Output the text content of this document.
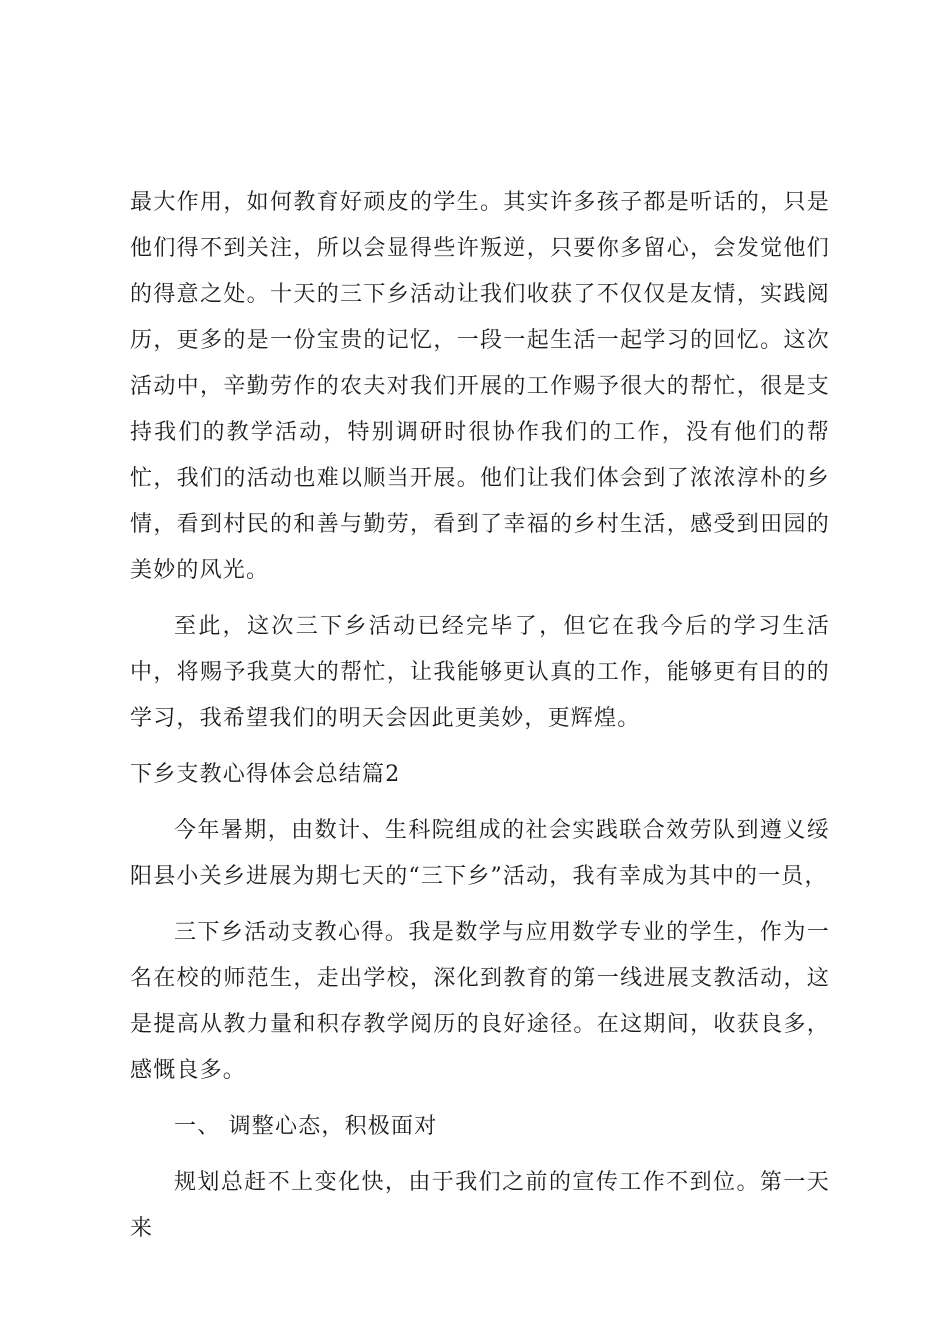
最大作用，如何教育好顽皮的学生。其实许多孩子都是听话的，只是他们得不到关注，所以会显得些许叛逆，只要你多留心，会发觉他们的得意之处。十天的三下乡活动让我们收获了不仅仅是友情，实践阅历，更多的是一份宝贵的记忆，一段一起生活一起学习的回忆。这次活动中，辛勤劳作的农夫对我们开展的工作赐予很大的帮忙，很是支持我们的教学活动，特别调研时很协作我们的工作，没有他们的帮忙，我们的活动也难以顺当开展。他们让我们体会到了浓浓淳朴的乡情，看到村民的和善与勤劳，看到了幸福的乡村生活，感受到田园的美妙的风光。

至此，这次三下乡活动已经完毕了，但它在我今后的学习生活中，将赐予我莫大的帮忙，让我能够更认真的工作，能够更有目的的学习，我希望我们的明天会因此更美妙，更辉煌。

下乡支教心得体会总结篇2

今年暑期，由数计、生科院组成的社会实践联合效劳队到遵义绥阳县小关乡进展为期七天的“三下乡”活动，我有幸成为其中的一员，

三下乡活动支教心得。我是数学与应用数学专业的学生，作为一名在校的师范生，走出学校，深化到教育的第一线进展支教活动，这是提高从教力量和积存教学阅历的良好途径。在这期间，收获良多，感慨良多。

一、 调整心态，积极面对

规划总赶不上变化快，由于我们之前的宣传工作不到位。第一天来
